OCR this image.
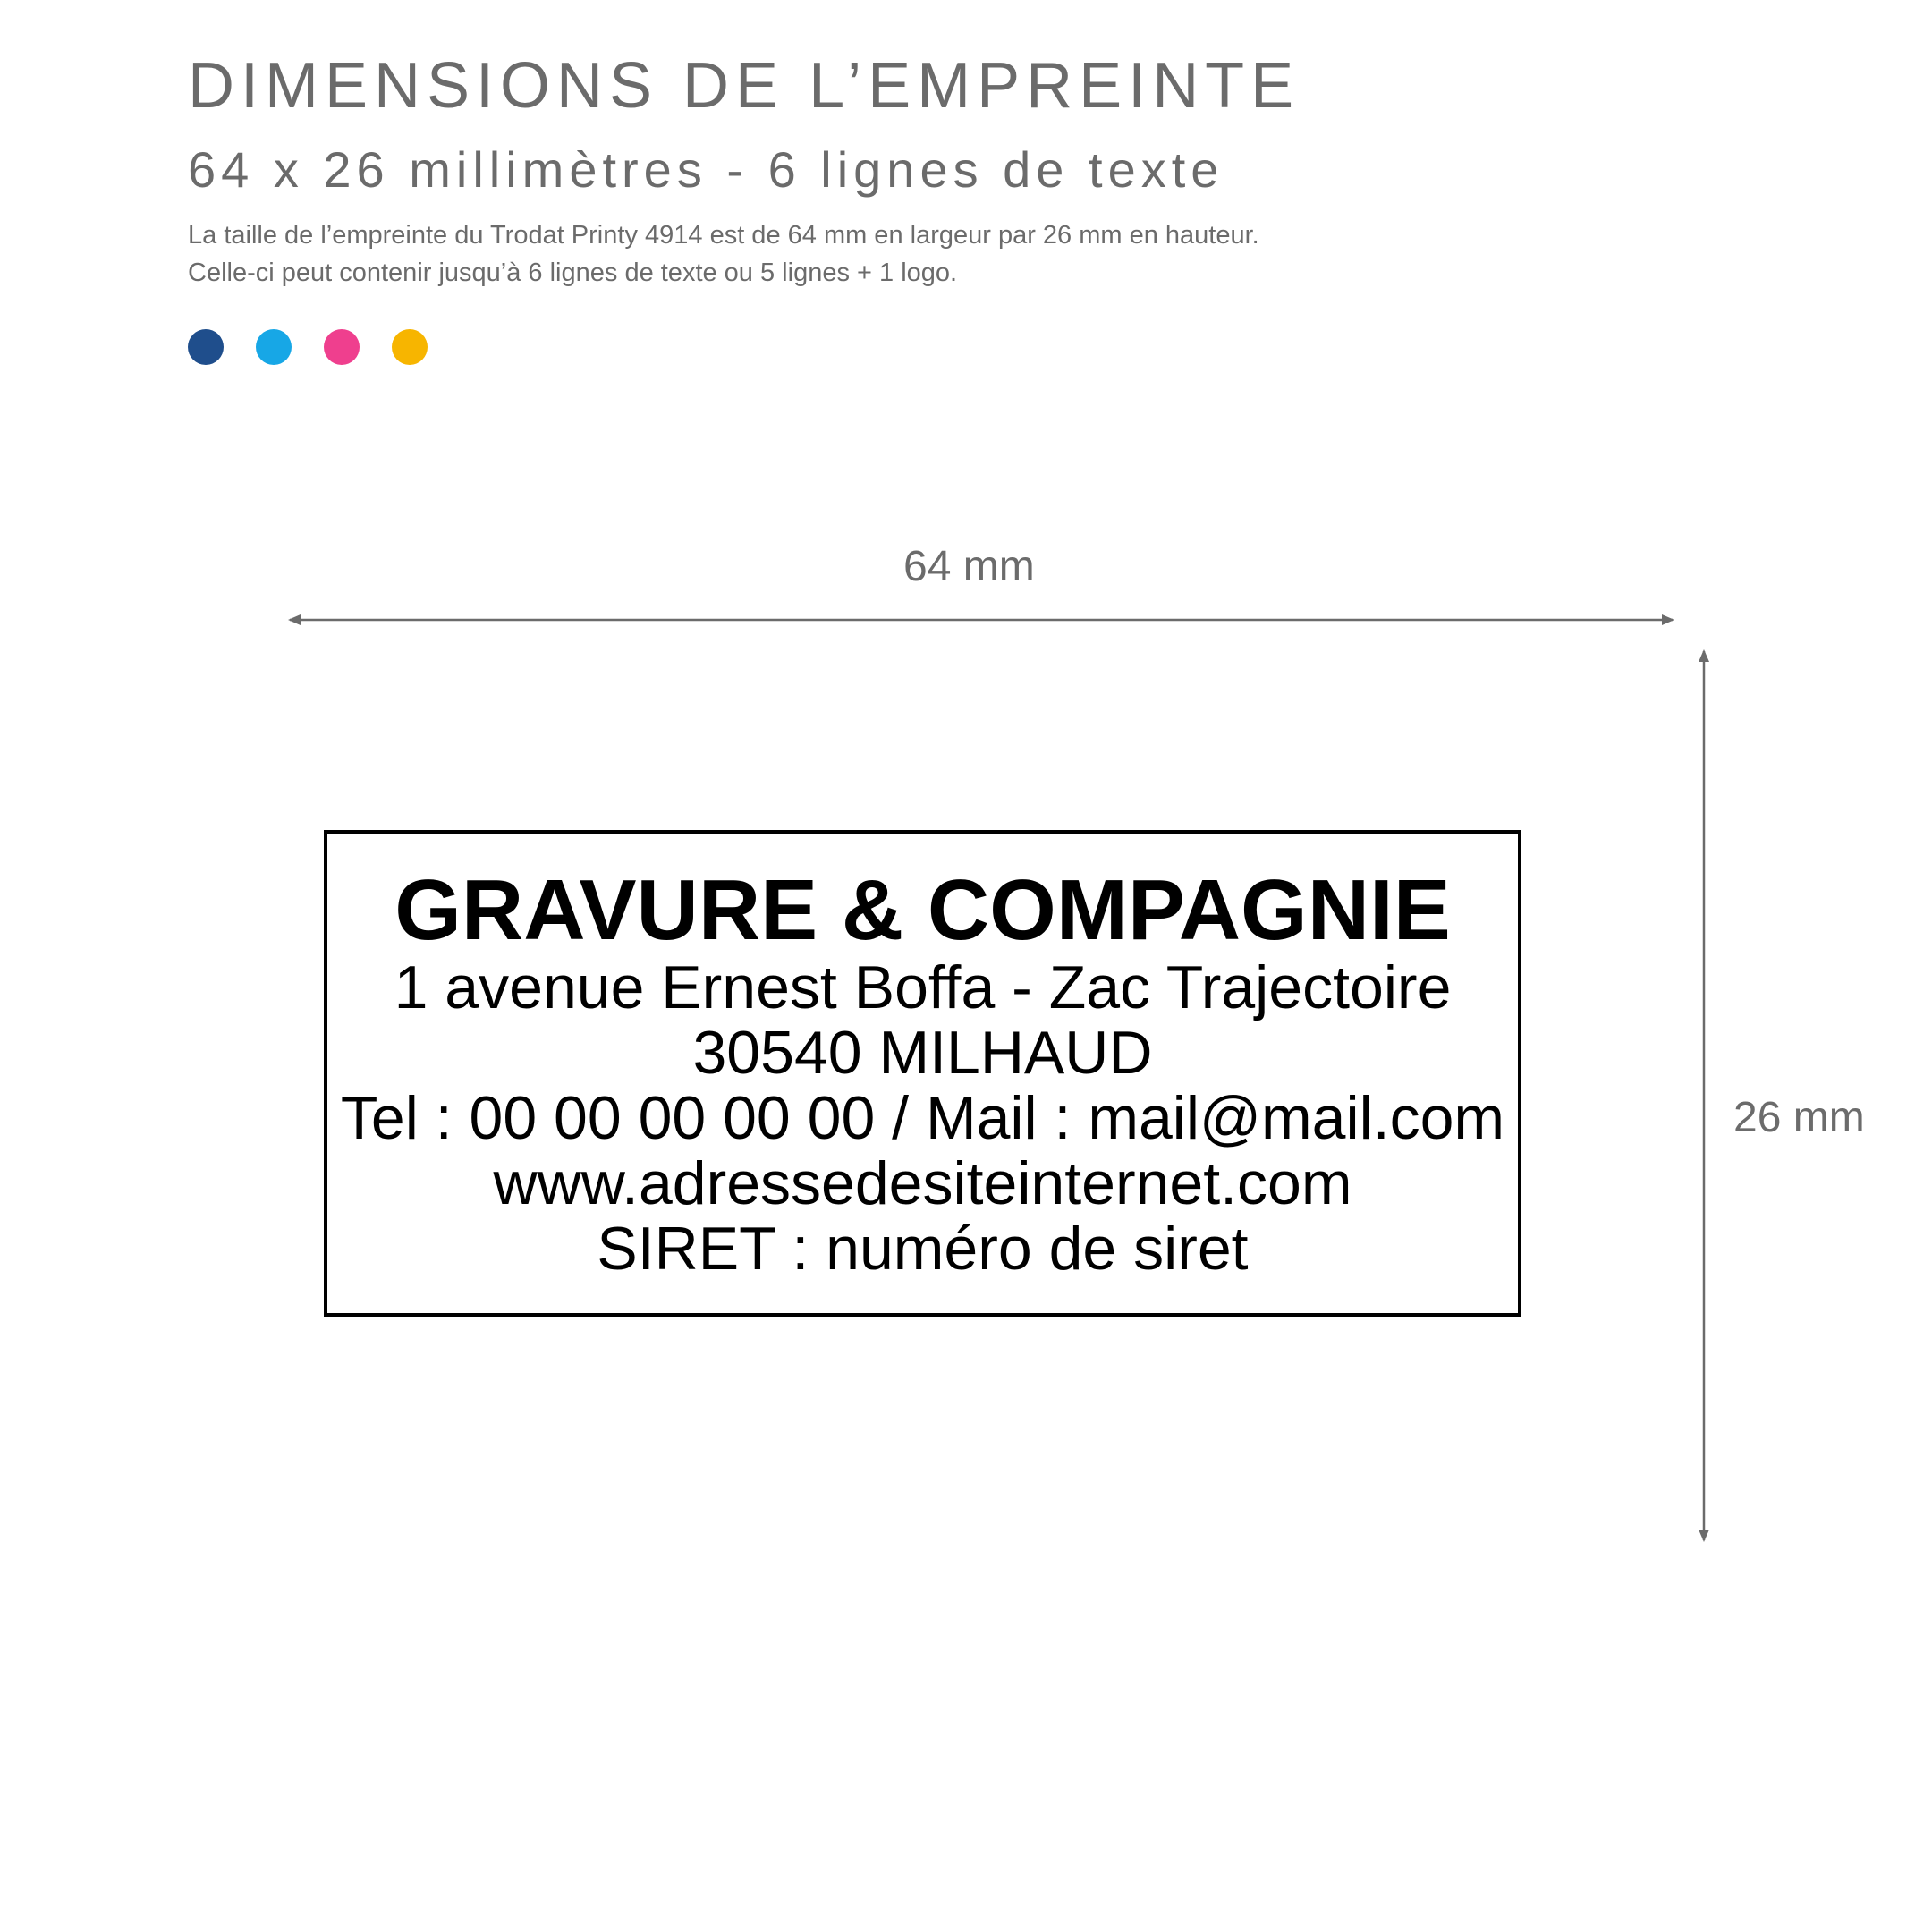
DIMENSIONS DE L’EMPREINTE
64 x 26 millimètres - 6 lignes de texte
La taille de l’empreinte du Trodat Printy 4914 est de 64 mm en largeur par 26 mm en hauteur.
Celle-ci peut contenir jusqu’à 6 lignes de texte ou 5 lignes + 1 logo.
64 mm
26 mm
GRAVURE & COMPAGNIE
1 avenue Ernest Boffa - Zac Trajectoire
30540 MILHAUD
Tel : 00 00 00 00 00 / Mail : mail@mail.com
www.adressedesiteinternet.com
SIRET : numéro de siret
